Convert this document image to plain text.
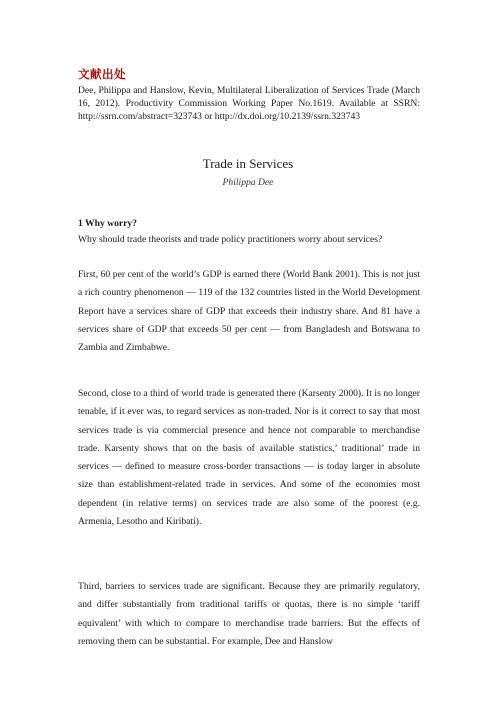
文献出处
Dee, Philippa and Hanslow, Kevin, Multilateral Liberalization of Services Trade (March 16, 2012). Productivity Commission Working Paper No.1619. Available at SSRN: http://ssrn.com/abstract=323743 or http://dx.doi.org/10.2139/ssrn.323743
Trade in Services
Philippa Dee
1 Why worry?
Why should trade theorists and trade policy practitioners worry about services?
First, 60 per cent of the world’s GDP is earned there (World Bank 2001). This is not just a rich country phenomenon — 119 of the 132 countries listed in the World Development Report have a services share of GDP that exceeds their industry share. And 81 have a services share of GDP that exceeds 50 per cent — from Bangladesh and Botswana to Zambia and Zimbabwe.
Second, close to a third of world trade is generated there (Karsenty 2000). It is no longer tenable, if it ever was, to regard services as non-traded. Nor is it correct to say that most services trade is via commercial presence and hence not comparable to merchandise trade. Karsenty shows that on the basis of available statistics,’ traditional’ trade in services — defined to measure cross-border transactions — is today larger in absolute size than establishment-related trade in services. And some of the economies most dependent (in relative terms) on services trade are also some of the poorest (e.g. Armenia, Lesotho and Kiribati).
Third, barriers to services trade are significant. Because they are primarily regulatory, and differ substantially from traditional tariffs or quotas, there is no simple ‘tariff equivalent’ with which to compare to merchandise trade barriers. But the effects of removing them can be substantial. For example, Dee and Hanslow
